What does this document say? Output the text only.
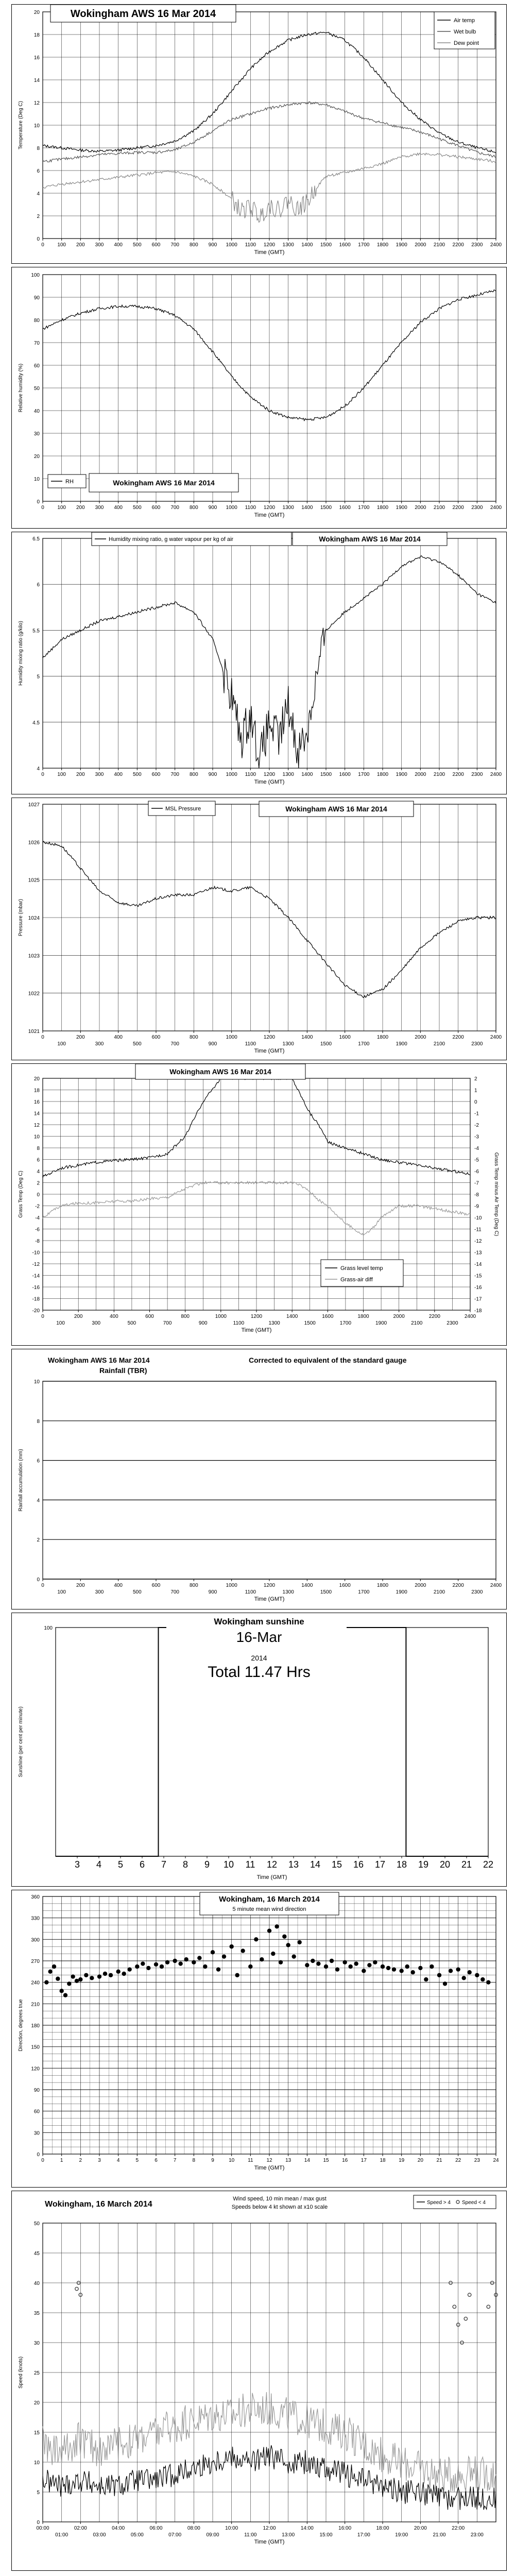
0	100 200 300 400 500 600 700 800 900 1000 1100 1200 1300 1400 1500 1600 1700 1800 1900 2000 2100 2200 2300 2400
0
2
4
6
8
10
12
14
16
18
20
Time (GMT)
Temperature (Deg C)
Wokingham AWS 16 Mar 2014
Air temp
Wet bulb
Dew point
0	100 200 300 400 500 600 700 800 900 1000 1100 1200 1300 1400 1500 1600 1700 1800 1900 2000 2100 2200 2300 2400
0
10
20
30
40
50
60
70
80
90
100
Time (GMT)
Relative humidity (%)
Wokingham AWS 16 Mar 2014
RH
0	100 200 300 400 500 600 700 800 900 1000 1100 1200 1300 1400 1500 1600 1700 1800 1900 2000 2100 2200 2300 2400
4
4.5
5
5.5
6
6.5
Time (GMT)
Humidity mixing ratio (g/kilo)
Humidity mixing ratio, g water vapour per kg of air	Wokingham AWS 16 Mar 2014
0	200	400	600	800	1000	1200	1400	1600	1800	2000	2200	2400
100	300	500	700	900	1100	1300	1500	1700	1900	2100	2300
1021
1022
1023
1024
1025
1026
1027
Time (GMT)
Pressure (mbar)
MSL Pressure	Wokingham AWS 16 Mar 2014
0	200	400	600	800	1000	1200	1400	1600	1800	2000	2200	2400
100	300	500	700	900	1100	1300	1500	1700	1900	2100	2300
-20
-18
-16
-14
-12
-10
-8
-6
-4
-2
0
2
4
6
8
10
12
14
16
18
20
-18
-17
-16
-15
-14
-13
-12
-11
-10
-9
-8
-7
-6
-5
-4
-3
-2
-1
0
1
2
Grass Temp minus Air Temp (Deg C)
Time (GMT)
Grass Temp (Deg C)
Wokingham AWS 16 Mar 2014
Grass level temp
Grass-air diff
0	200	400	600	800	1000	1200	1400	1600	1800	2000	2200	2400
100	300	500	700	900	1100	1300	1500	1700	1900	2100	2300
0
2
4
6
8
10
Time (GMT)
Rainfall accumulation (mm)
Wokingham AWS 16 Mar 2014
Rainfall (TBR)
Corrected to equivalent of the standard gauge
3 4 5 6 7 8 9 10 11 12 13 14 15 16 17 18 19 20 21 22
100
Time (GMT)
Sunshine (per cent per minute)
Wokingham sunshine
16-Mar
2014
Total 11.47 Hrs
0	1	2	3	4	5	6	7	8	9	10	11	12	13	14	15	16	17	18	19	20	21	22	23	24
0
30
60
90
120
150
180
210
240
270
300
330
360
Time (GMT)
Direction, degrees true
Wokingham, 16 March 2014
5 minute mean wind direction
00:00	02:00	04:00	06:00	08:00	10:00	12:00	14:00	16:00	18:00	20:00	22:00
01:00	03:00	05:00	07:00	09:00	11:00	13:00	15:00	17:00	19:00	21:00	23:00
0
5
10
15
20
25
30
35
40
45
50
Time (GMT)
Speed (knots)
Wokingham, 16 March 2014
Wind speed, 10 min mean / max gust
Speeds below 4 kt shown at x10 scale
Speed > 4 Speed < 4
